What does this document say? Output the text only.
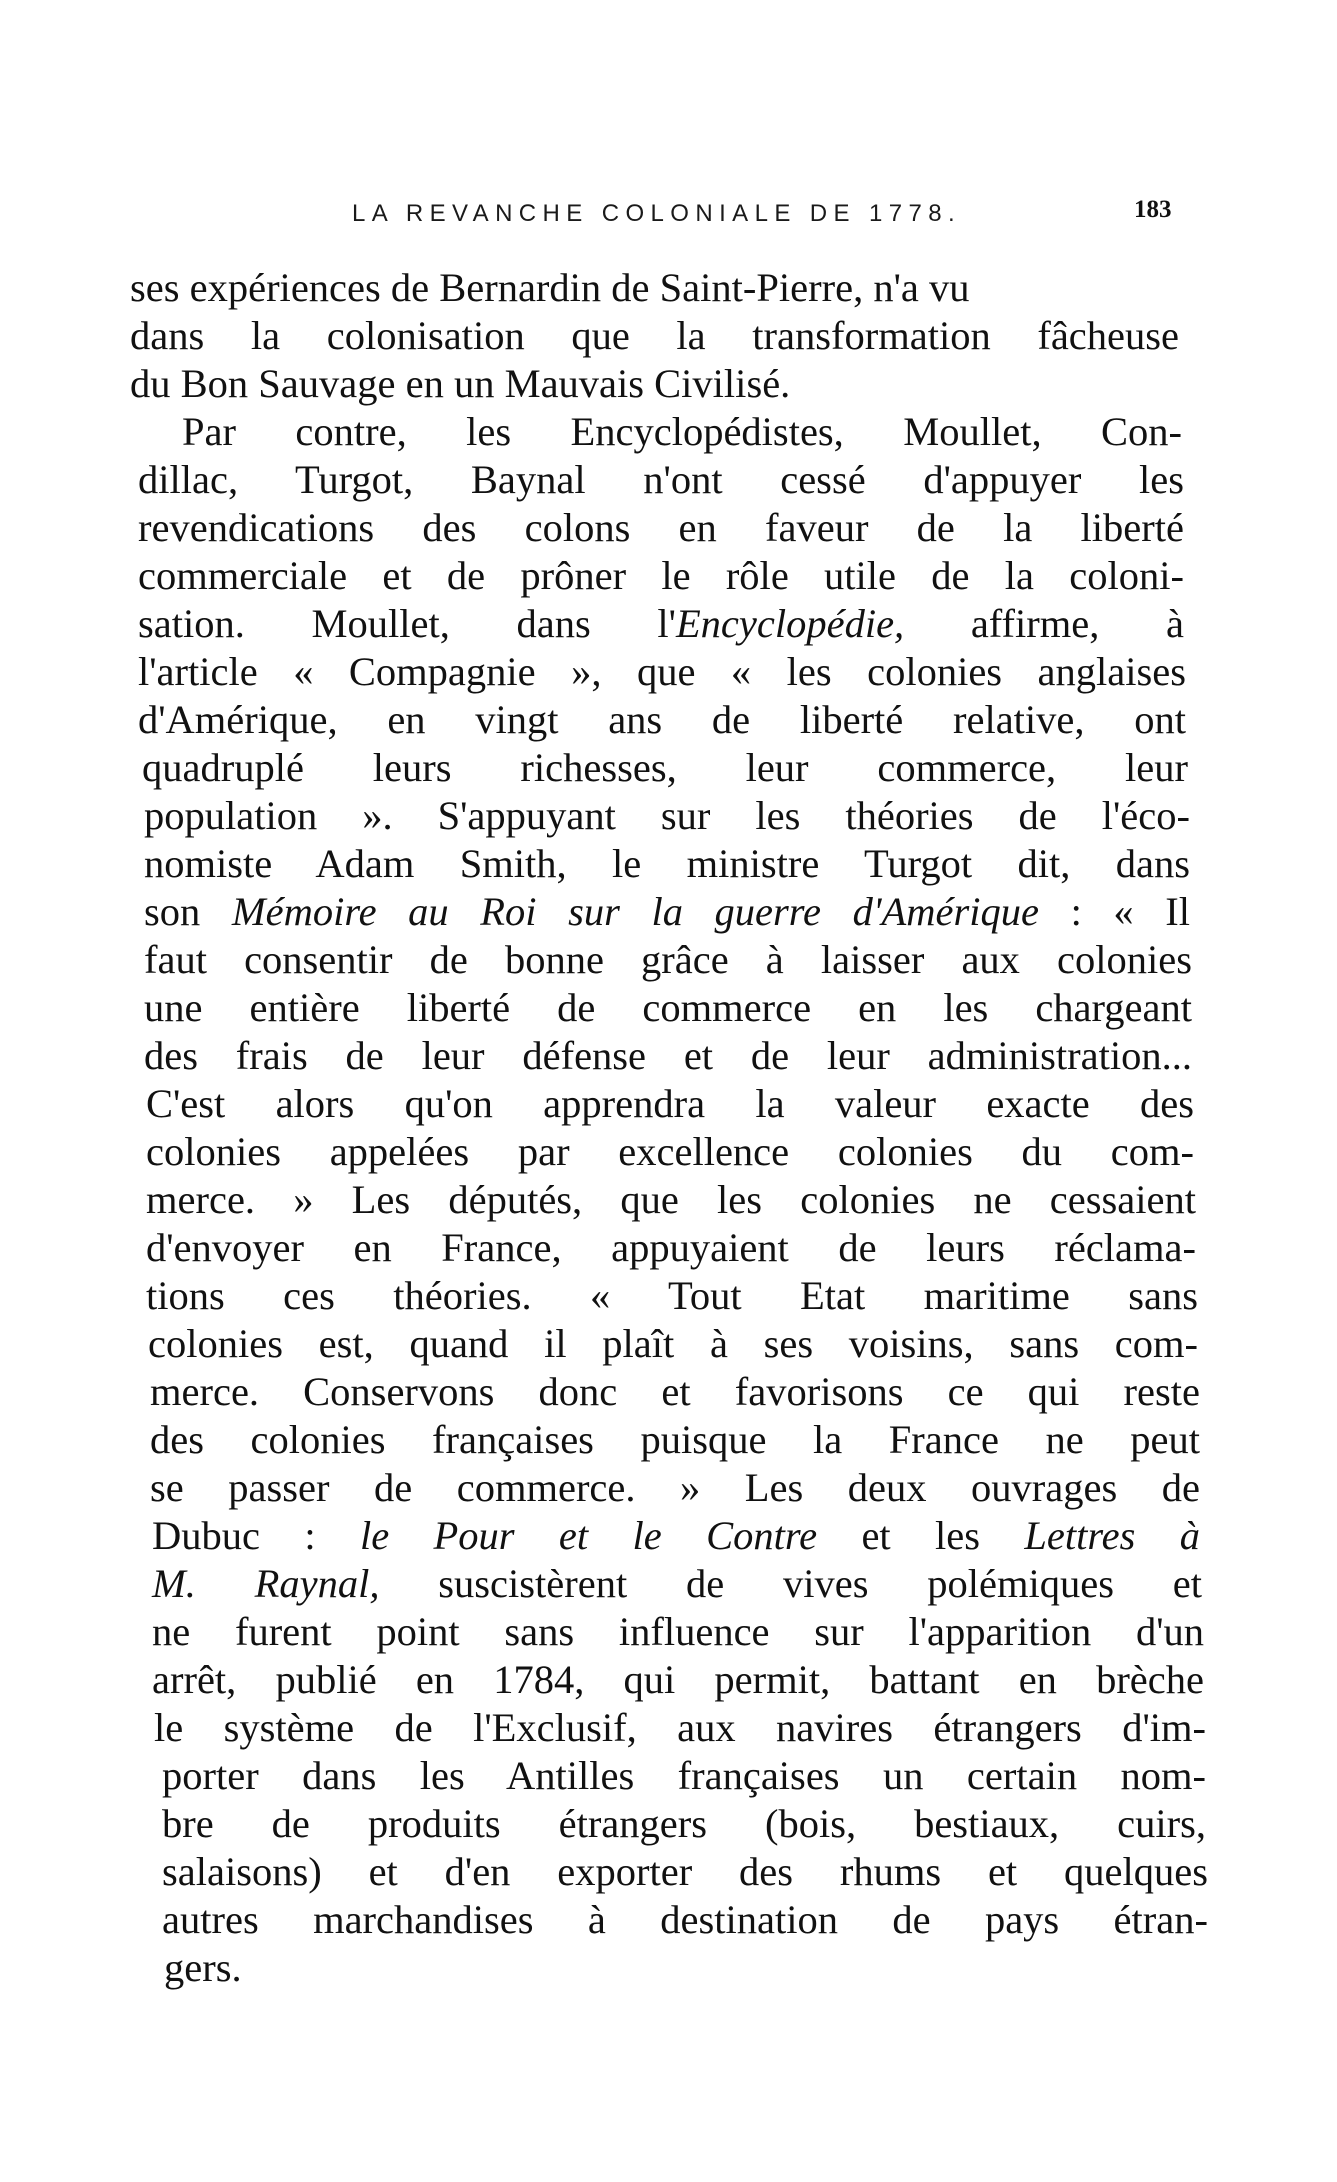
LA REVANCHE COLONIALE DE 1778.	183
ses expériences de Bernardin de Saint-Pierre, n'a vu
dans la colonisation que la transformation fâcheuse
du Bon Sauvage en un Mauvais Civilisé.
Par contre, les Encyclopédistes, Moullet, Con-
dillac, Turgot, Baynal n'ont cessé d'appuyer les
revendications des colons en faveur de la liberté
commerciale et de prôner le rôle utile de la coloni-
sation. Moullet, dans l'Encyclopédie, affirme, à
l'article « Compagnie », que « les colonies anglaises
d'Amérique, en vingt ans de liberté relative, ont
quadruplé leurs richesses, leur commerce, leur
population ». S'appuyant sur les théories de l'éco-
nomiste Adam Smith, le ministre Turgot dit, dans
son Mémoire au Roi sur la guerre d'Amérique : « Il
faut consentir de bonne grâce à laisser aux colonies
une entière liberté de commerce en les chargeant
des frais de leur défense et de leur administration...
C'est alors qu'on apprendra la valeur exacte des
colonies appelées par excellence colonies du com-
merce. » Les députés, que les colonies ne cessaient
d'envoyer en France, appuyaient de leurs réclama-
tions ces théories. « Tout Etat maritime sans
colonies est, quand il plaît à ses voisins, sans com-
merce. Conservons donc et favorisons ce qui reste
des colonies françaises puisque la France ne peut
se passer de commerce. » Les deux ouvrages de
Dubuc : le Pour et le Contre et les Lettres à
M. Raynal, suscistèrent de vives polémiques et
ne furent point sans influence sur l'apparition d'un
arrêt, publié en 1784, qui permit, battant en brèche
le système de l'Exclusif, aux navires étrangers d'im-
porter dans les Antilles françaises un certain nom-
bre de produits étrangers (bois, bestiaux, cuirs,
salaisons) et d'en exporter des rhums et quelques
autres marchandises à destination de pays étran-
gers.
